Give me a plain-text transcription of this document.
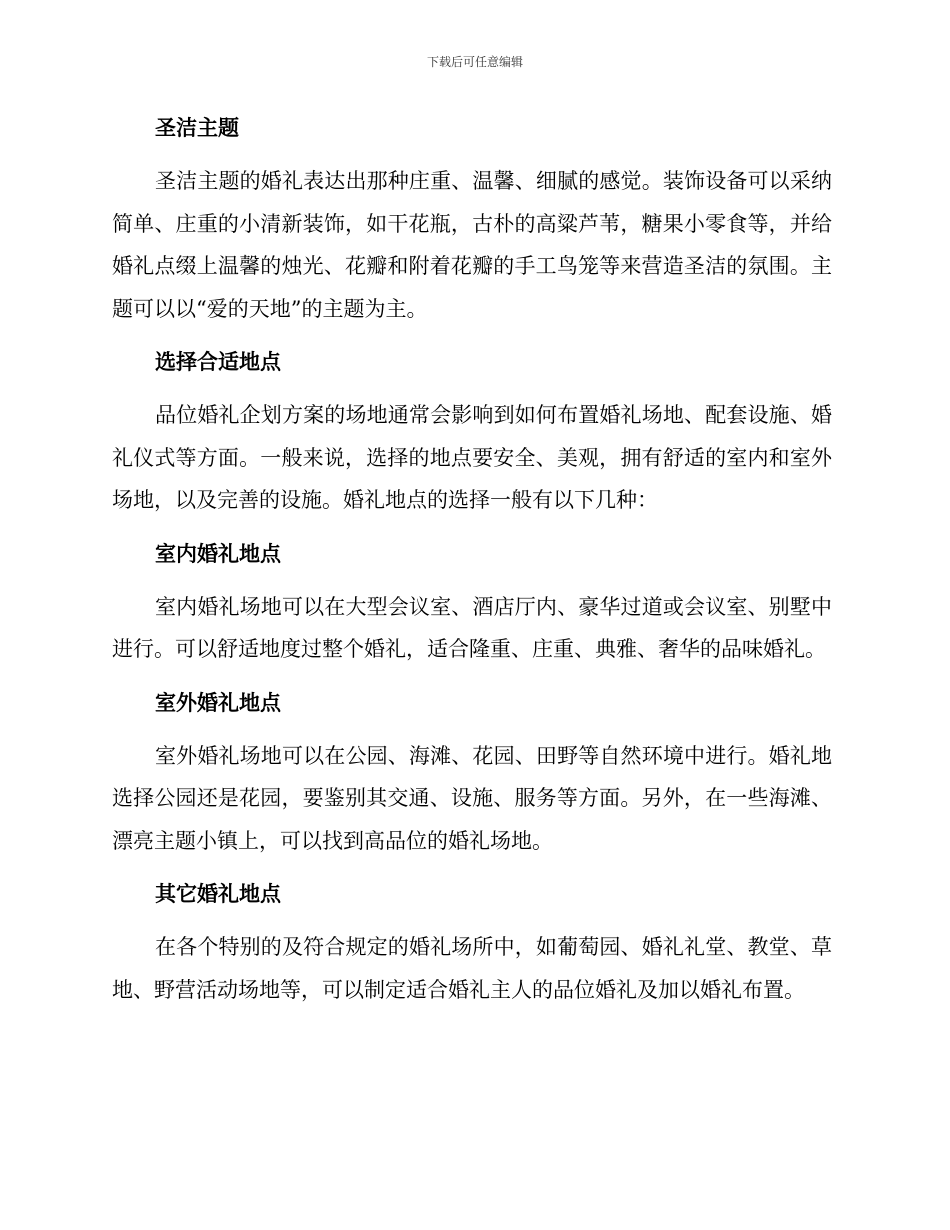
下载后可任意编辑
圣洁主题

圣洁主题的婚礼表达出那种庄重、温馨、细腻的感觉。装饰设备可以采纳简单、庄重的小清新装饰，如干花瓶，古朴的高粱芦苇，糖果小零食等，并给婚礼点缀上温馨的烛光、花瓣和附着花瓣的手工鸟笼等来营造圣洁的氛围。主题可以以“爱的天地”的主题为主。

选择合适地点

品位婚礼企划方案的场地通常会影响到如何布置婚礼场地、配套设施、婚礼仪式等方面。一般来说，选择的地点要安全、美观，拥有舒适的室内和室外场地，以及完善的设施。婚礼地点的选择一般有以下几种：

室内婚礼地点

室内婚礼场地可以在大型会议室、酒店厅内、豪华过道或会议室、别墅中进行。可以舒适地度过整个婚礼，适合隆重、庄重、典雅、奢华的品味婚礼。

室外婚礼地点

室外婚礼场地可以在公园、海滩、花园、田野等自然环境中进行。婚礼地选择公园还是花园，要鉴别其交通、设施、服务等方面。另外，在一些海滩、漂亮主题小镇上，可以找到高品位的婚礼场地。

其它婚礼地点

在各个特别的及符合规定的婚礼场所中，如葡萄园、婚礼礼堂、教堂、草地、野营活动场地等，可以制定适合婚礼主人的品位婚礼及加以婚礼布置。
